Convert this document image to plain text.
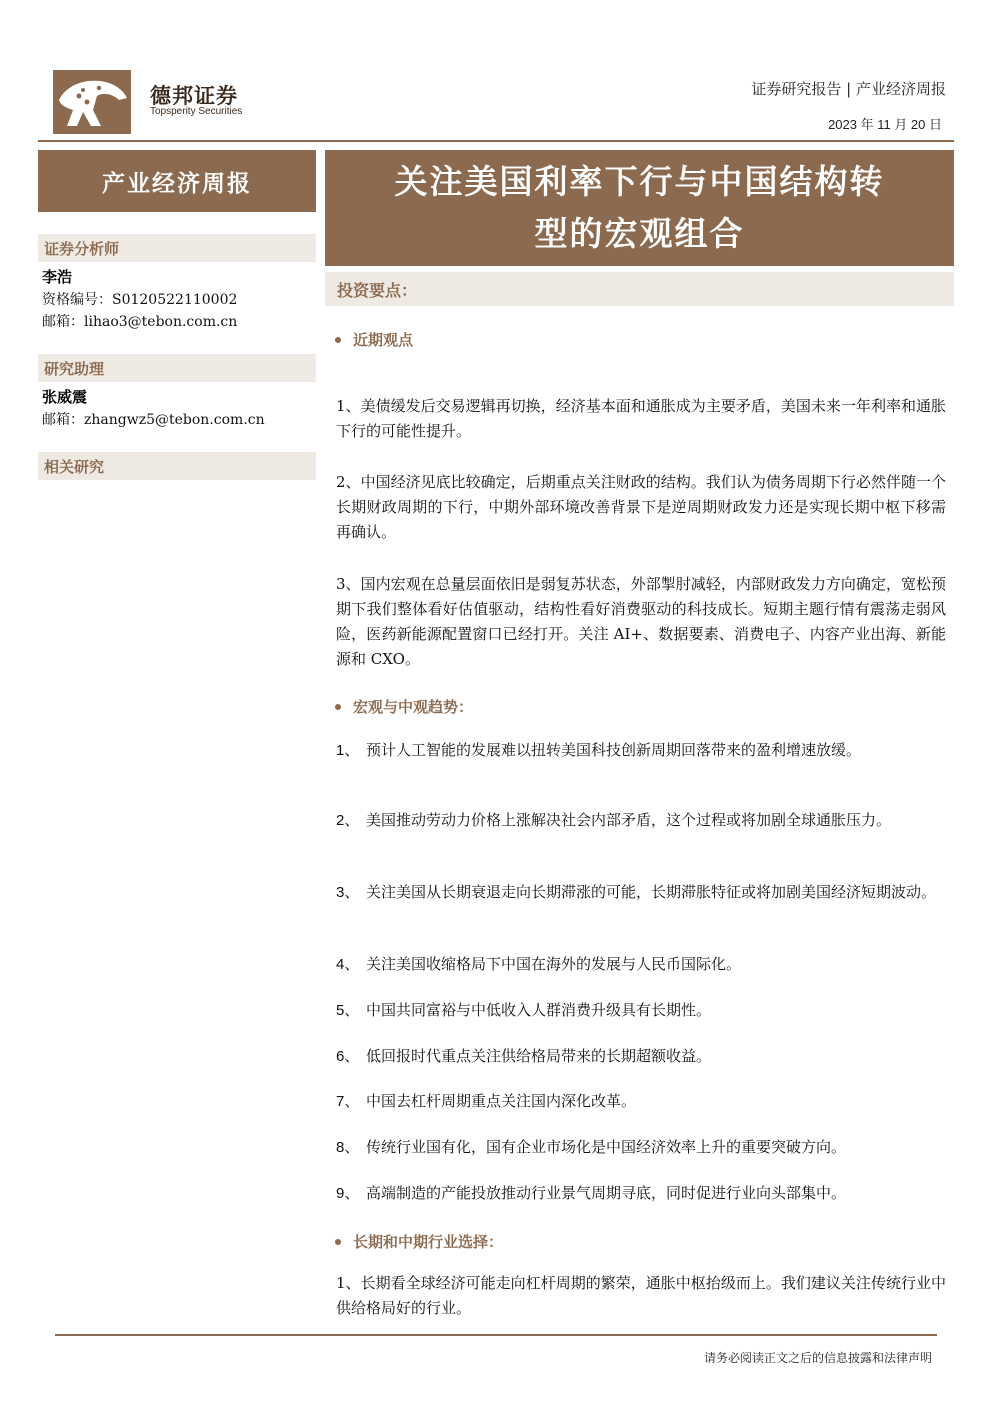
德邦证券
Topsperity Securities
证券研究报告 | 产业经济周报
2023 年 11 月 20 日
产业经济周报
证券分析师
李浩
资格编号：S0120522110002
邮箱：lihao3@tebon.com.cn
研究助理
张威震
邮箱：zhangwz5@tebon.com.cn
相关研究
关注美国利率下行与中国结构转
型的宏观组合
投资要点：
近期观点
1、美债缓发后交易逻辑再切换，经济基本面和通胀成为主要矛盾，美国未来一年利率和通胀下行的可能性提升。
2、中国经济见底比较确定，后期重点关注财政的结构。我们认为债务周期下行必然伴随一个长期财政周期的下行，中期外部环境改善背景下是逆周期财政发力还是实现长期中枢下移需再确认。
3、国内宏观在总量层面依旧是弱复苏状态，外部掣肘减轻，内部财政发力方向确定，宽松预期下我们整体看好估值驱动，结构性看好消费驱动的科技成长。短期主题行情有震荡走弱风险，医药新能源配置窗口已经打开。关注 AI+、数据要素、消费电子、内容产业出海、新能源和 CXO。
宏观与中观趋势：
1、 预计人工智能的发展难以扭转美国科技创新周期回落带来的盈利增速放缓。
2、 美国推动劳动力价格上涨解决社会内部矛盾，这个过程或将加剧全球通胀压力。
3、 关注美国从长期衰退走向长期滞涨的可能，长期滞胀特征或将加剧美国经济短期波动。
4、 关注美国收缩格局下中国在海外的发展与人民币国际化。
5、 中国共同富裕与中低收入人群消费升级具有长期性。
6、 低回报时代重点关注供给格局带来的长期超额收益。
7、 中国去杠杆周期重点关注国内深化改革。
8、 传统行业国有化，国有企业市场化是中国经济效率上升的重要突破方向。
9、 高端制造的产能投放推动行业景气周期寻底，同时促进行业向头部集中。
长期和中期行业选择：
1、长期看全球经济可能走向杠杆周期的繁荣，通胀中枢抬级而上。我们建议关注传统行业中供给格局好的行业。
请务必阅读正文之后的信息披露和法律声明
